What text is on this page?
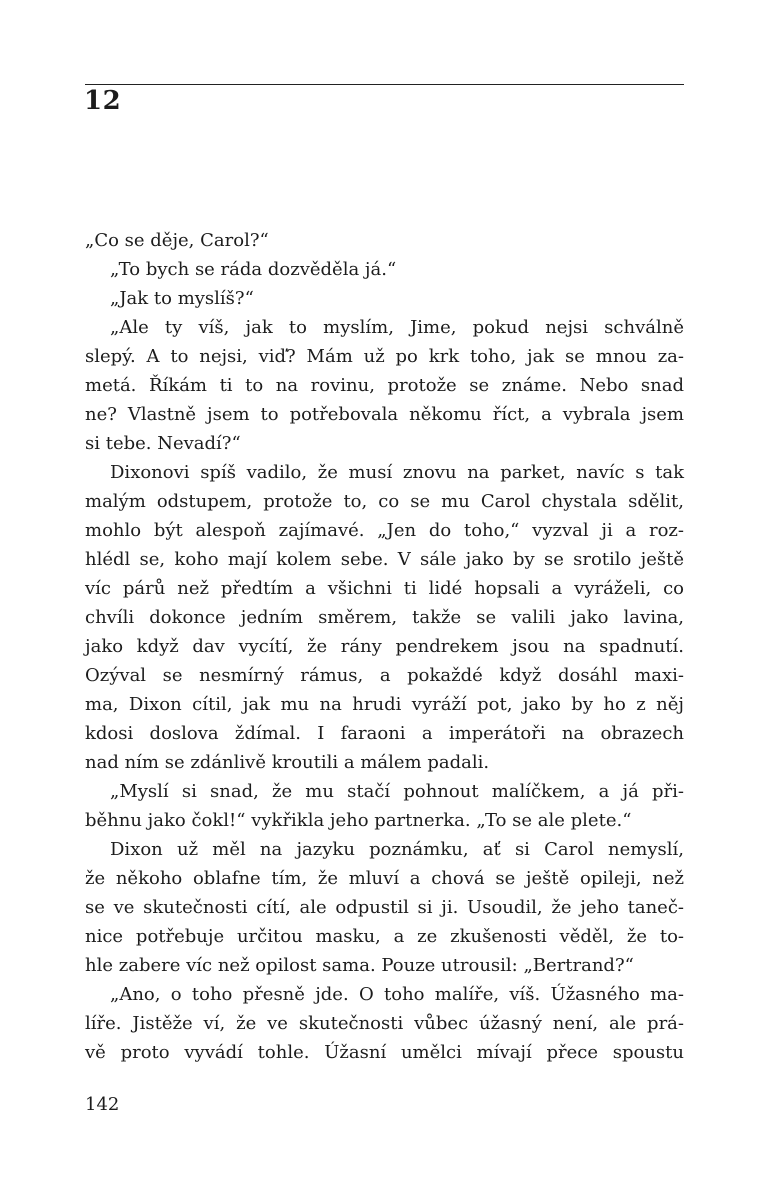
12
„Co se děje, Carol?“
„To bych se ráda dozvěděla já.“
„Jak to myslíš?“
„Ale ty víš, jak to myslím, Jime, pokud nejsi schválně
slepý. A to nejsi, viď? Mám už po krk toho, jak se mnou za-
metá. Říkám ti to na rovinu, protože se známe. Nebo snad
ne? Vlastně jsem to potřebovala někomu říct, a vybrala jsem
si tebe. Nevadí?“
Dixonovi spíš vadilo, že musí znovu na parket, navíc s tak
malým odstupem, protože to, co se mu Carol chystala sdělit,
mohlo být alespoň zajímavé. „Jen do toho,“ vyzval ji a roz-
hlédl se, koho mají kolem sebe. V sále jako by se srotilo ještě
víc párů než předtím a všichni ti lidé hopsali a vyráželi, co
chvíli dokonce jedním směrem, takže se valili jako lavina,
jako když dav vycítí, že rány pendrekem jsou na spadnutí.
Ozýval se nesmírný rámus, a pokaždé když dosáhl maxi-
ma, Dixon cítil, jak mu na hrudi vyráží pot, jako by ho z něj
kdosi doslova ždímal. I faraoni a imperátoři na obrazech
nad ním se zdánlivě kroutili a málem padali.
„Myslí si snad, že mu stačí pohnout malíčkem, a já při-
běhnu jako čokl!“ vykřikla jeho partnerka. „To se ale plete.“
Dixon už měl na jazyku poznámku, ať si Carol nemyslí,
že někoho oblafne tím, že mluví a chová se ještě opileji, než
se ve skutečnosti cítí, ale odpustil si ji. Usoudil, že jeho taneč-
nice potřebuje určitou masku, a ze zkušenosti věděl, že to-
hle zabere víc než opilost sama. Pouze utrousil: „Bertrand?“
„Ano, o toho přesně jde. O toho malíře, víš. Úžasného ma-
líře. Jistěže ví, že ve skutečnosti vůbec úžasný není, ale prá-
vě proto vyvádí tohle. Úžasní umělci mívají přece spoustu
142
